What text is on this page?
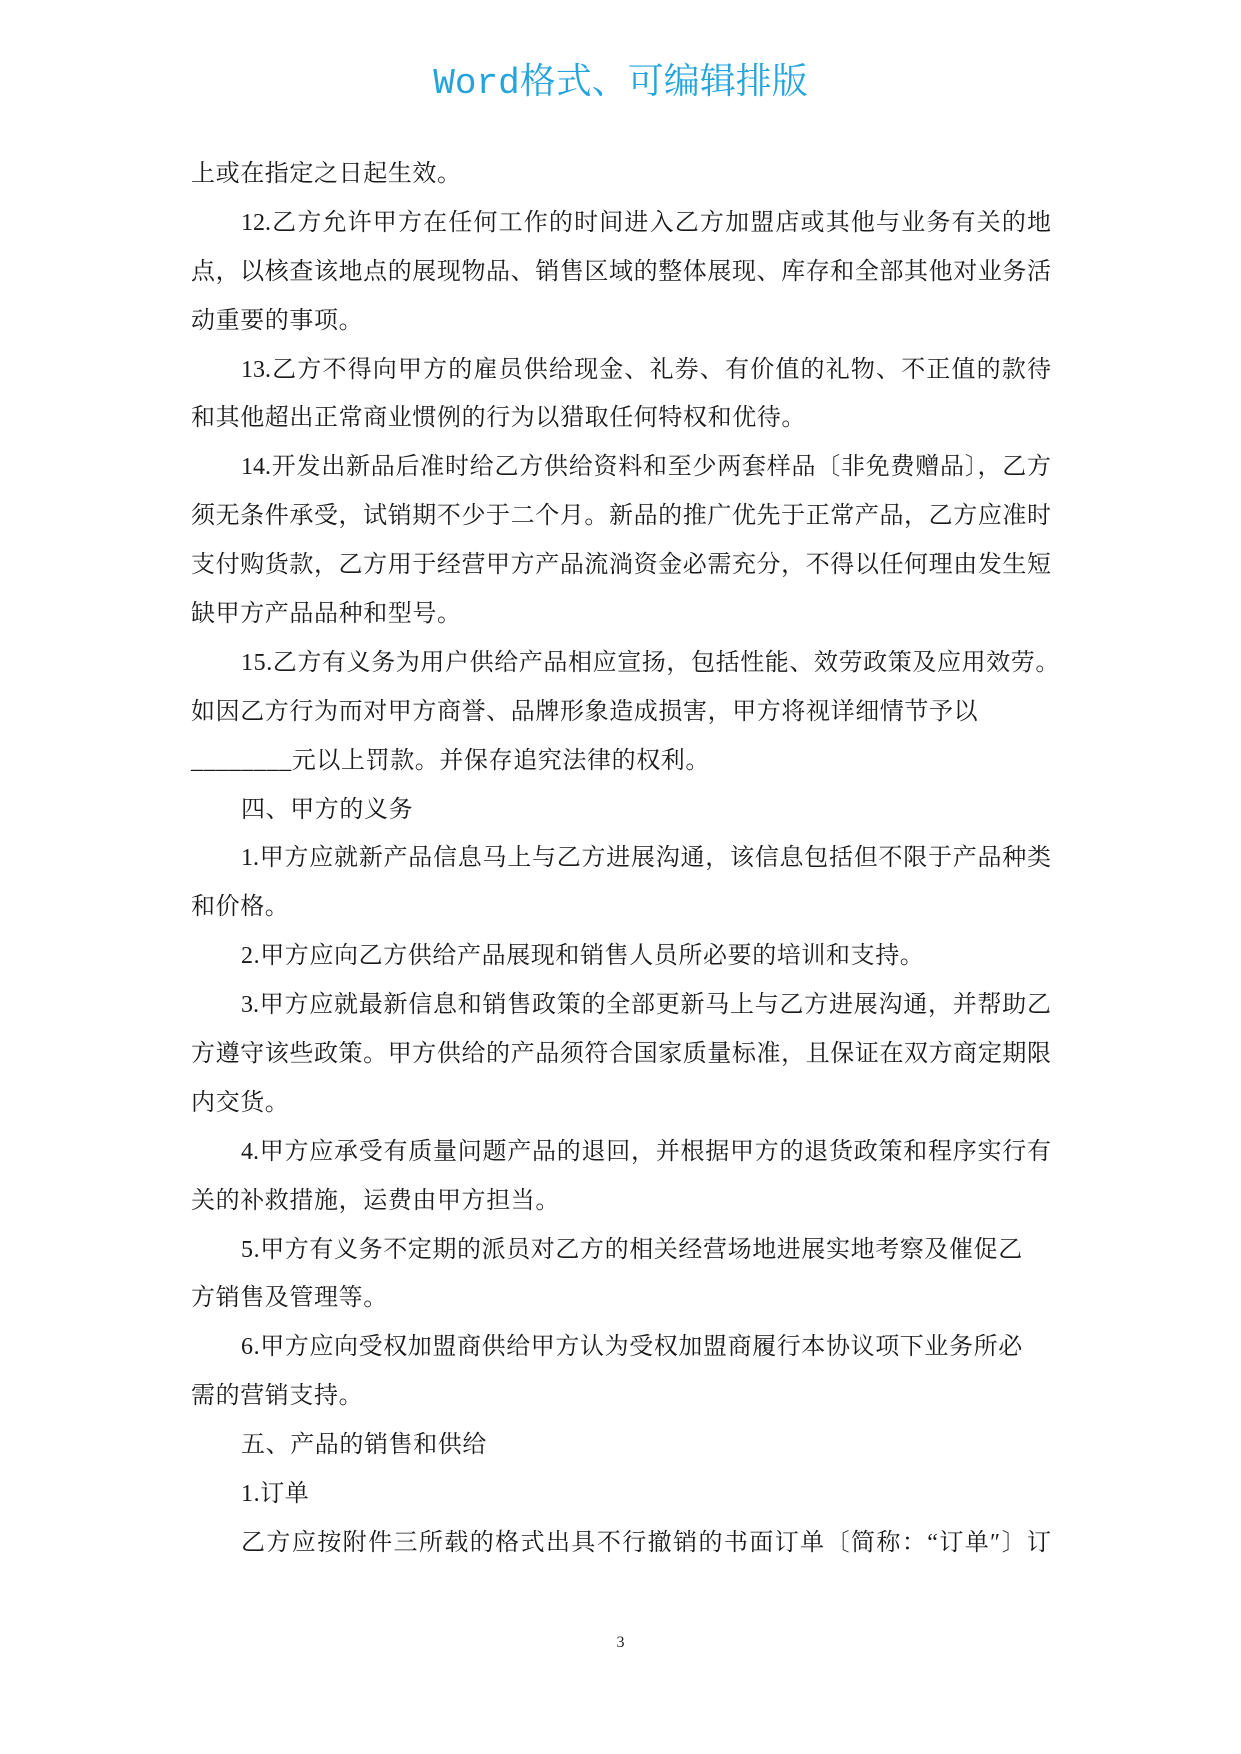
Word格式、可编辑排版
上或在指定之日起生效。
12.乙方允许甲方在任何工作的时间进入乙方加盟店或其他与业务有关的地
点，以核查该地点的展现物品、销售区域的整体展现、库存和全部其他对业务活
动重要的事项。
13.乙方不得向甲方的雇员供给现金、礼券、有价值的礼物、不正值的款待
和其他超出正常商业惯例的行为以猎取任何特权和优待。
14.开发出新品后准时给乙方供给资料和至少两套样品〔非免费赠品〕，乙方
须无条件承受，试销期不少于二个月。新品的推广优先于正常产品，乙方应准时
支付购货款，乙方用于经营甲方产品流淌资金必需充分，不得以任何理由发生短
缺甲方产品品种和型号。
15.乙方有义务为用户供给产品相应宣扬，包括性能、效劳政策及应用效劳。
如因乙方行为而对甲方商誉、品牌形象造成损害，甲方将视详细情节予以
________元以上罚款。并保存追究法律的权利。
四、甲方的义务
1.甲方应就新产品信息马上与乙方进展沟通，该信息包括但不限于产品种类
和价格。
2.甲方应向乙方供给产品展现和销售人员所必要的培训和支持。
3.甲方应就最新信息和销售政策的全部更新马上与乙方进展沟通，并帮助乙
方遵守该些政策。甲方供给的产品须符合国家质量标准，且保证在双方商定期限
内交货。
4.甲方应承受有质量问题产品的退回，并根据甲方的退货政策和程序实行有
关的补救措施，运费由甲方担当。
5.甲方有义务不定期的派员对乙方的相关经营场地进展实地考察及催促乙
方销售及管理等。
6.甲方应向受权加盟商供给甲方认为受权加盟商履行本协议项下业务所必
需的营销支持。
五、产品的销售和供给
1.订单
乙方应按附件三所载的格式出具不行撤销的书面订单〔简称：“订单″〕订
3
